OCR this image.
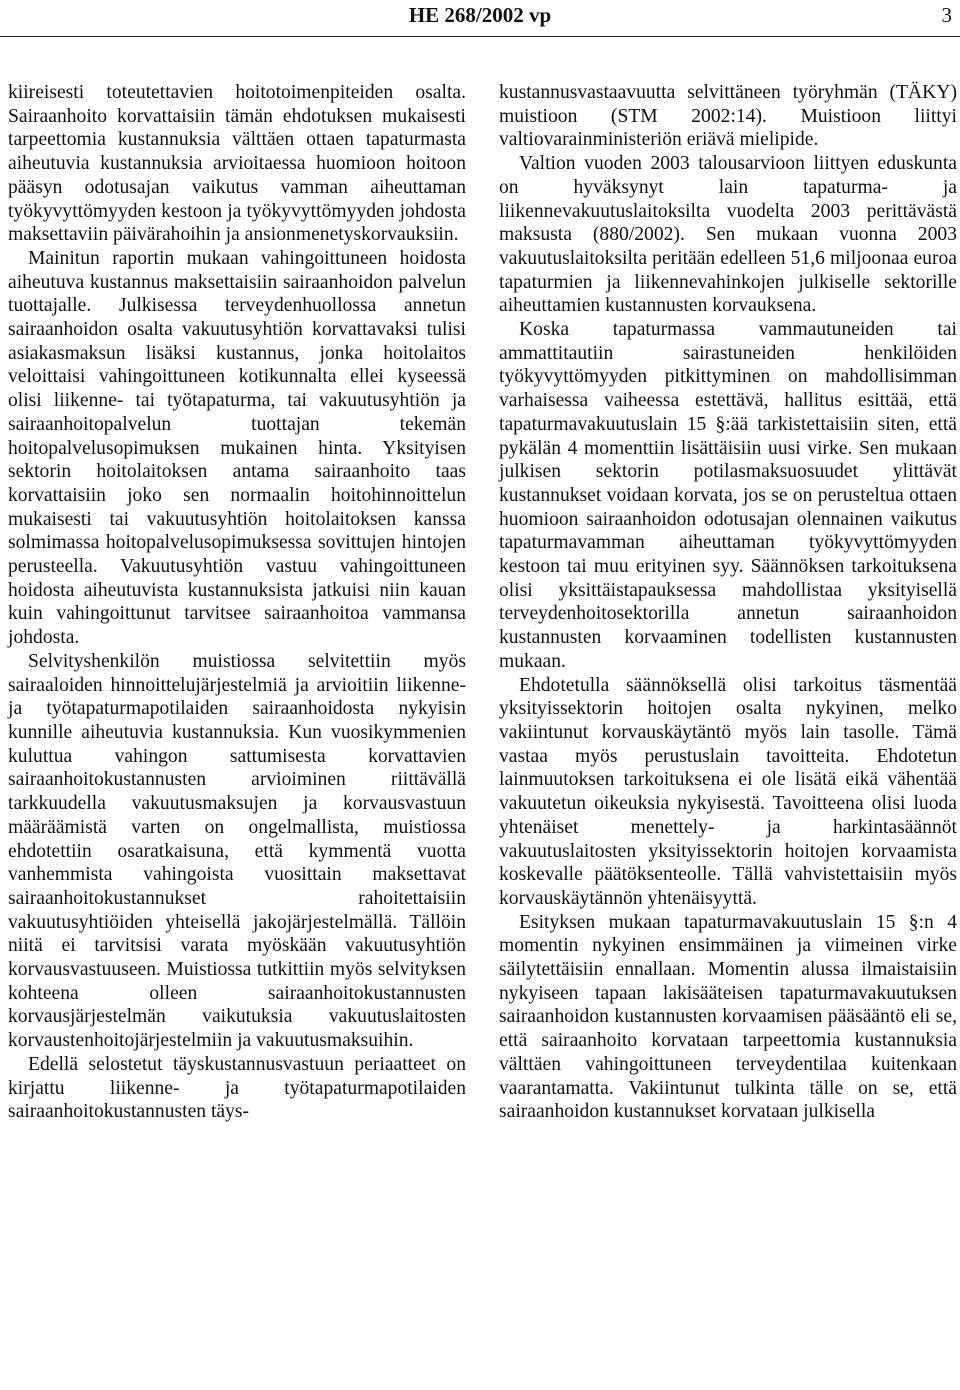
HE 268/2002 vp	3

kiireisesti toteutettavien hoitotoimenpiteiden osalta. Sairaanhoito korvattaisiin tämän ehdotuksen mukaisesti tarpeettomia kustannuksia välttäen ottaen tapaturmasta aiheutuvia kustannuksia arvioitaessa huomioon hoitoon pääsyn odotusajan vaikutus vamman aiheuttaman työkyvyttömyyden kestoon ja työkyvyttömyyden johdosta maksettaviin päivärahoihin ja ansionmenetyskorvauksiin.

Mainitun raportin mukaan vahingoittuneen hoidosta aiheutuva kustannus maksettaisiin sairaanhoidon palvelun tuottajalle. Julkisessa terveydenhuollossa annetun sairaanhoidon osalta vakuutusyhtiön korvattavaksi tulisi asiakasmaksun lisäksi kustannus, jonka hoitolaitos veloittaisi vahingoittuneen kotikunnalta ellei kyseessä olisi liikenne- tai työtapaturma, tai vakuutusyhtiön ja sairaanhoitopalvelun tuottajan tekemän hoitopalvelusopimuksen mukainen hinta. Yksityisen sektorin hoitolaitoksen antama sairaanhoito taas korvattaisiin joko sen normaalin hoitohinnoittelun mukaisesti tai vakuutusyhtiön hoitolaitoksen kanssa solmimassa hoitopalvelusopimuksessa sovittujen hintojen perusteella. Vakuutusyhtiön vastuu vahingoittuneen hoidosta aiheutuvista kustannuksista jatkuisi niin kauan kuin vahingoittunut tarvitsee sairaanhoitoa vammansa johdosta.

Selvityshenkilön muistiossa selvitettiin myös sairaaloiden hinnoittelujärjestelmiä ja arvioitiin liikenne- ja työtapaturmapotilaiden sairaanhoidosta nykyisin kunnille aiheutuvia kustannuksia. Kun vuosikymmenien kuluttua vahingon sattumisesta korvattavien sairaanhoitokustannusten arvioiminen riittävällä tarkkuudella vakuutusmaksujen ja korvausvastuun määräämistä varten on ongelmallista, muistiossa ehdotettiin osaratkaisuna, että kymmentä vuotta vanhemmista vahingoista vuosittain maksettavat sairaanhoitokustannukset rahoitettaisiin vakuutusyhtiöiden yhteisellä jakojärjestelmällä. Tällöin niitä ei tarvitsisi varata myöskään vakuutusyhtiön korvausvastuuseen. Muistiossa tutkittiin myös selvityksen kohteena olleen sairaanhoitokustannusten korvausjärjestelmän vaikutuksia vakuutuslaitosten korvaustenhoitojärjestelmiin ja vakuutusmaksuihin.

Edellä selostetut täyskustannusvastuun periaatteet on kirjattu liikenne- ja työtapaturmapotilaiden sairaanhoitokustannusten täys-

kustannusvastaavuutta selvittäneen työryhmän (TÄKY) muistioon (STM 2002:14). Muistioon liittyi valtiovarainministeriön eriävä mielipide.

Valtion vuoden 2003 talousarvioon liittyen eduskunta on hyväksynyt lain tapaturma- ja liikennevakuutuslaitoksilta vuodelta 2003 perittävästä maksusta (880/2002). Sen mukaan vuonna 2003 vakuutuslaitoksilta peritään edelleen 51,6 miljoonaa euroa tapaturmien ja liikennevahinkojen julkiselle sektorille aiheuttamien kustannusten korvauksena.

Koska tapaturmassa vammautuneiden tai ammattitautiin sairastuneiden henkilöiden työkyvyttömyyden pitkittyminen on mahdollisimman varhaisessa vaiheessa estettävä, hallitus esittää, että tapaturmavakuutuslain 15 §:ää tarkistettaisiin siten, että pykälän 4 momenttiin lisättäisiin uusi virke. Sen mukaan julkisen sektorin potilasmaksuosuudet ylittävät kustannukset voidaan korvata, jos se on perusteltua ottaen huomioon sairaanhoidon odotusajan olennainen vaikutus tapaturmavamman aiheuttaman työkyvyttömyyden kestoon tai muu erityinen syy. Säännöksen tarkoituksena olisi yksittäistapauksessa mahdollistaa yksityisellä terveydenhoitosektorilla annetun sairaanhoidon kustannusten korvaaminen todellisten kustannusten mukaan.

Ehdotetulla säännöksellä olisi tarkoitus täsmentää yksityissektorin hoitojen osalta nykyinen, melko vakiintunut korvauskäytäntö myös lain tasolle. Tämä vastaa myös perustuslain tavoitteita. Ehdotetun lainmuutoksen tarkoituksena ei ole lisätä eikä vähentää vakuutetun oikeuksia nykyisestä. Tavoitteena olisi luoda yhtenäiset menettely- ja harkintasäännöt vakuutuslaitosten yksityissektorin hoitojen korvaamista koskevalle päätöksenteolle. Tällä vahvistettaisiin myös korvauskäytännön yhtenäisyyttä.

Esityksen mukaan tapaturmavakuutuslain 15 §:n 4 momentin nykyinen ensimmäinen ja viimeinen virke säilytettäisiin ennallaan. Momentin alussa ilmaistaisiin nykyiseen tapaan lakisääteisen tapaturmavakuutuksen sairaanhoidon kustannusten korvaamisen pääsääntö eli se, että sairaanhoito korvataan tarpeettomia kustannuksia välttäen vahingoittuneen terveydentilaa kuitenkaan vaarantamatta. Vakiintunut tulkinta tälle on se, että sairaanhoidon kustannukset korvataan julkisella
